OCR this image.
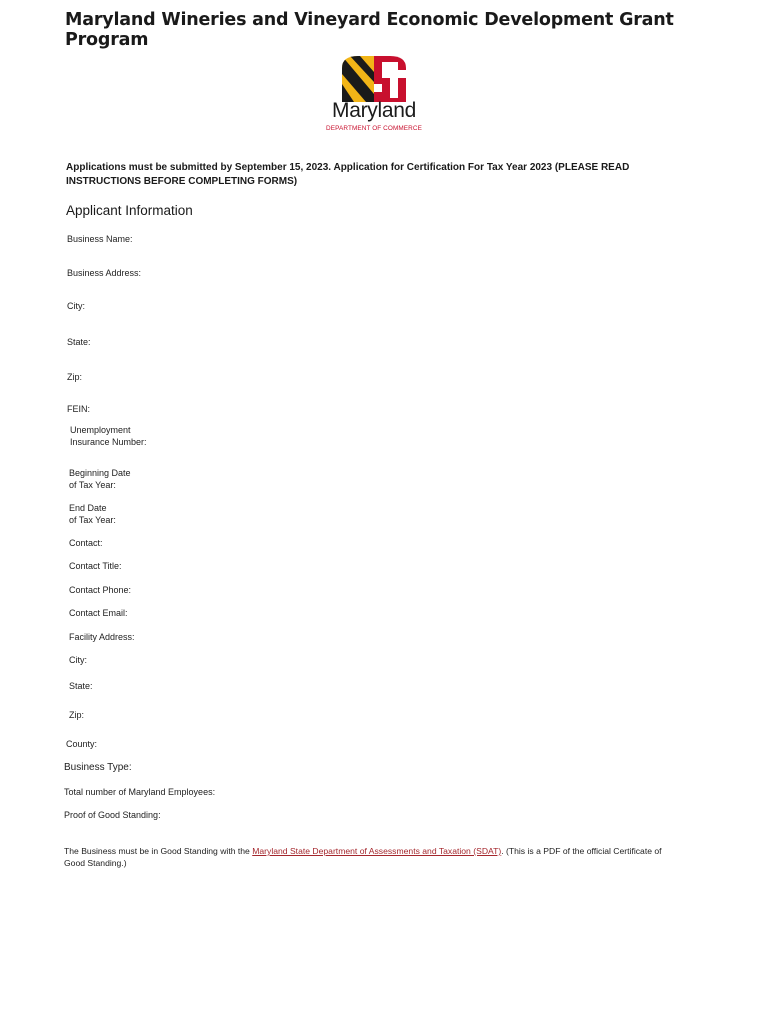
Maryland Wineries and Vineyard Economic Development Grant Program
Maryland
DEPARTMENT OF COMMERCE
Applications must be submitted by September 15, 2023. Application for Certification For Tax Year 2023 (PLEASE READ INSTRUCTIONS BEFORE COMPLETING FORMS)
Applicant Information
Business Name:
Business Address:
City:
State:
Zip:
FEIN:
Unemployment
Insurance Number:
Beginning Date
of Tax Year:
End Date
of Tax Year:
Contact:
Contact Title:
Contact Phone:
Contact Email:
Facility Address:
City:
State:
Zip:
County:
Business Type:
Total number of Maryland Employees:
Proof of Good Standing:
The Business must be in Good Standing with the Maryland State Department of Assessments and Taxation (SDAT). (This is a PDF of the official Certificate of Good Standing.)
